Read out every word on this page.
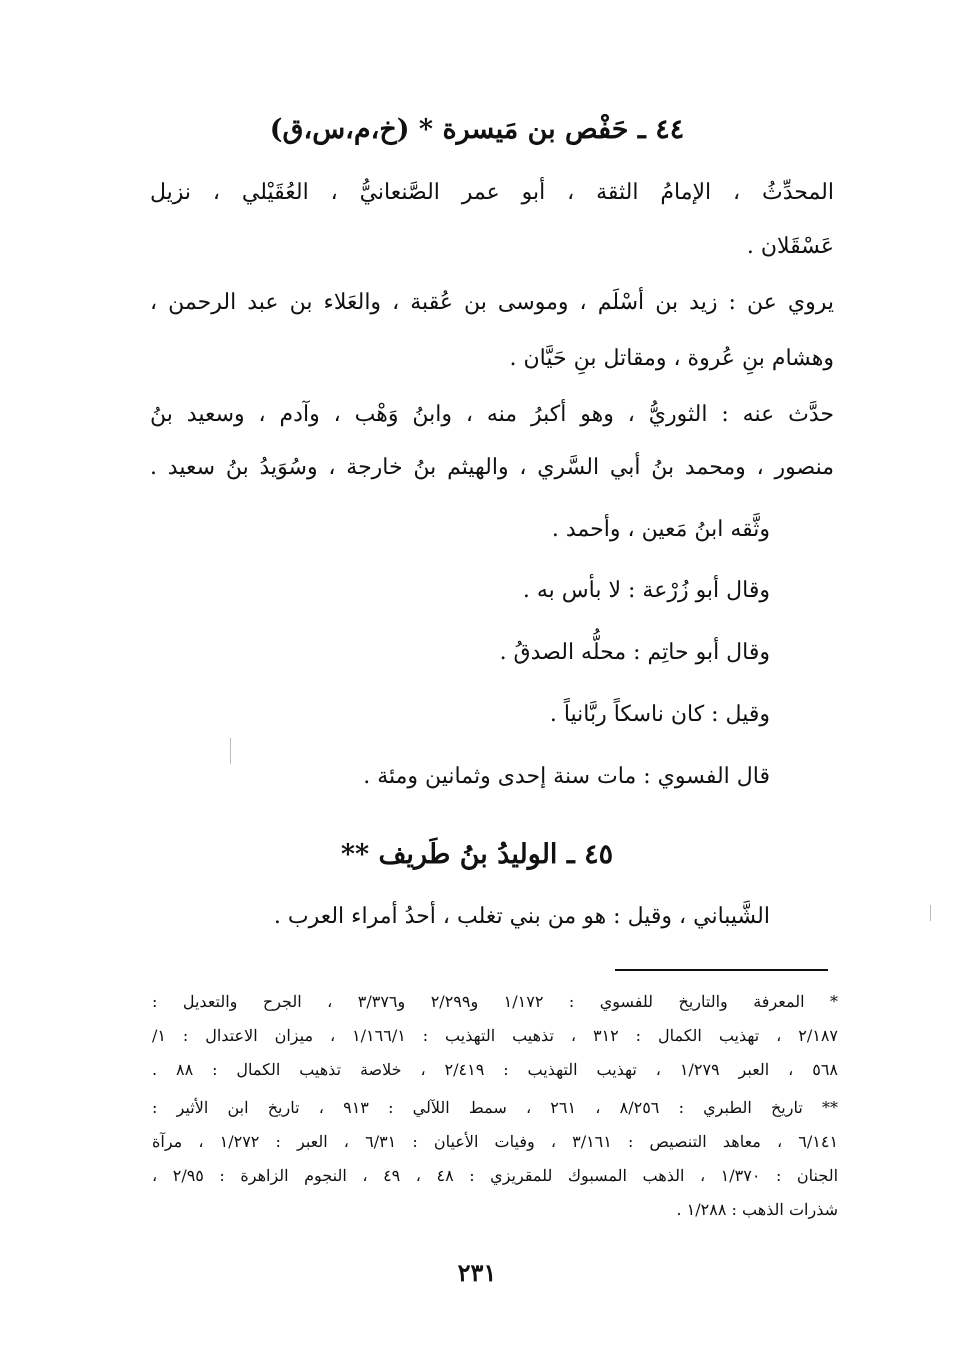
٤٤ ـ حَفْص بن مَيسرة * (خ،م،س،ق)
المحدِّثُ ، الإمامُ الثقة ، أبو عمر الصَّنعانيُّ ، العُقَيْلي ، نزيل
عَسْقَلان .
يروي عن : زيد بن أسْلَم ، وموسى بن عُقبة ، والعَلاء بن عبد الرحمن ،
وهشام بنِ عُروة ، ومقاتل بنِ حَيَّان .
حدَّث عنه : الثوريُّ ، وهو أكبرُ منه ، وابنُ وَهْب ، وآدم ، وسعيد بنُ
منصور ، ومحمد بنُ أبي السَّري ، والهيثم بنُ خارجة ، وسُوَيدُ بنُ سعيد .
وثَّقه ابنُ مَعين ، وأحمد .
وقال أبو زُرْعة : لا بأس به .
وقال أبو حاتِم : محلُّه الصدقُ .
وقيل : كان ناسكاً ربَّانياً .
قال الفسوي : مات سنة إحدى وثمانين ومئة .
٤٥ ـ الوليدُ بنُ طَريف **
الشَّيباني ، وقيل : هو من بني تغلب ، أحدُ أمراء العرب .
* المعرفة والتاريخ للفسوي : ١/١٧٢ و٢/٢٩٩ و٣/٣٧٦ ، الجرح والتعديل :
٢/١٨٧ ، تهذيب الكمال : ٣١٢ ، تذهيب التهذيب : ١/١٦٦/١ ، ميزان الاعتدال : ١/
٥٦٨ ، العبر ١/٢٧٩ ، تهذيب التهذيب : ٢/٤١٩ ، خلاصة تذهيب الكمال : ٨٨ .
** تاريخ الطبري : ٨/٢٥٦ ، ٢٦١ ، سمط اللآلي : ٩١٣ ، تاريخ ابن الأثير :
٦/١٤١ ، معاهد التنصيص : ٣/١٦١ ، وفيات الأعيان : ٦/٣١ ، العبر : ١/٢٧٢ ، مرآة
الجنان : ١/٣٧٠ ، الذهب المسبوك للمقريزي : ٤٨ ، ٤٩ ، النجوم الزاهرة : ٢/٩٥ ،
شذرات الذهب : ١/٢٨٨ .
٢٣١
